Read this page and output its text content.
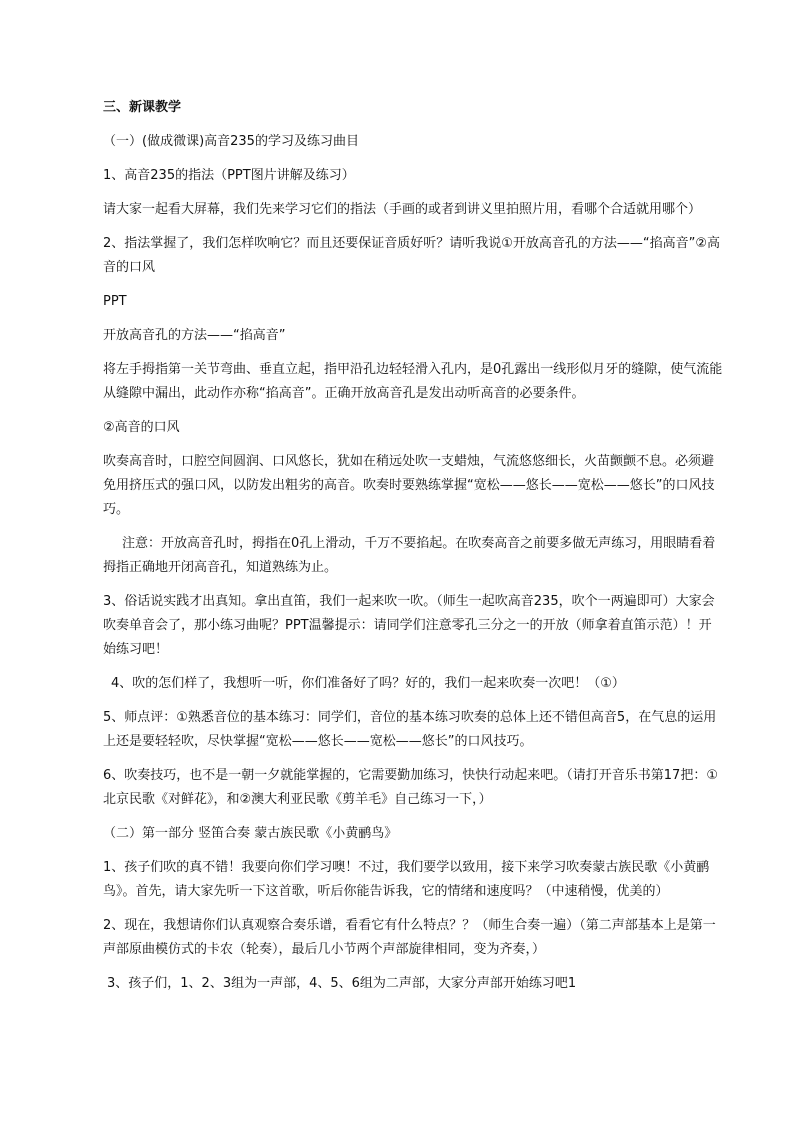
三、新课教学

（一）(做成微课)高音235的学习及练习曲目

1、高音235的指法（PPT图片讲解及练习）

请大家一起看大屏幕，我们先来学习它们的指法（手画的或者到讲义里拍照片用，看哪个合适就用哪个）

2、指法掌握了，我们怎样吹响它？而且还要保证音质好听？请听我说①开放高音孔的方法——“掐高音”②高音的口风

PPT

开放高音孔的方法——“掐高音”

将左手拇指第一关节弯曲、垂直立起，指甲沿孔边轻轻滑入孔内，是0孔露出一线形似月牙的缝隙，使气流能从缝隙中漏出，此动作亦称“掐高音”。正确开放高音孔是发出动听高音的必要条件。

②高音的口风

吹奏高音时，口腔空间圆润、口风悠长，犹如在稍远处吹一支蜡烛，气流悠悠细长，火苗颤颤不息。必须避免用挤压式的强口风，以防发出粗劣的高音。吹奏时要熟练掌握“宽松——悠长——宽松——悠长”的口风技巧。

注意：开放高音孔时，拇指在0孔上滑动，千万不要掐起。在吹奏高音之前要多做无声练习，用眼睛看着拇指正确地开闭高音孔，知道熟练为止。

3、俗话说实践才出真知。拿出直笛，我们一起来吹一吹。（师生一起吹高音235，吹个一两遍即可）大家会吹奏单音会了，那小练习曲呢？PPT温馨提示：请同学们注意零孔三分之一的开放（师拿着直笛示范）！开始练习吧！

4、吹的怎们样了，我想听一听，你们准备好了吗？好的，我们一起来吹奏一次吧！（①）

5、师点评：①熟悉音位的基本练习：同学们，音位的基本练习吹奏的总体上还不错但高音5，在气息的运用上还是要轻轻吹，尽快掌握“宽松——悠长——宽松——悠长”的口风技巧。

6、吹奏技巧，也不是一朝一夕就能掌握的，它需要勤加练习，快快行动起来吧。（请打开音乐书第17把：①北京民歌《对鲜花》，和②澳大利亚民歌《剪羊毛》自己练习一下，）

（二）第一部分 竖笛合奏 蒙古族民歌《小黄鹂鸟》

1、孩子们吹的真不错！我要向你们学习噢！不过，我们要学以致用，接下来学习吹奏蒙古族民歌《小黄鹂鸟》。首先，请大家先听一下这首歌，听后你能告诉我，它的情绪和速度吗？（中速稍慢，优美的）

2、现在，我想请你们认真观察合奏乐谱，看看它有什么特点？？（师生合奏一遍）（第二声部基本上是第一声部原曲模仿式的卡农（轮奏），最后几小节两个声部旋律相同，变为齐奏，）

3、孩子们，1、2、3组为一声部，4、5、6组为二声部，大家分声部开始练习吧1
